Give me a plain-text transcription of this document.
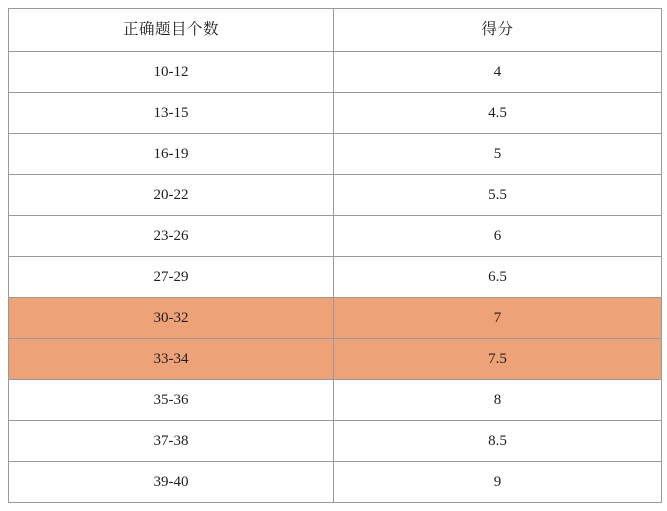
正确题目个数	得分
10-12	4
13-15	4.5
16-19	5
20-22	5.5
23-26	6
27-29	6.5
30-32	7
33-34	7.5
35-36	8
37-38	8.5
39-40	9
